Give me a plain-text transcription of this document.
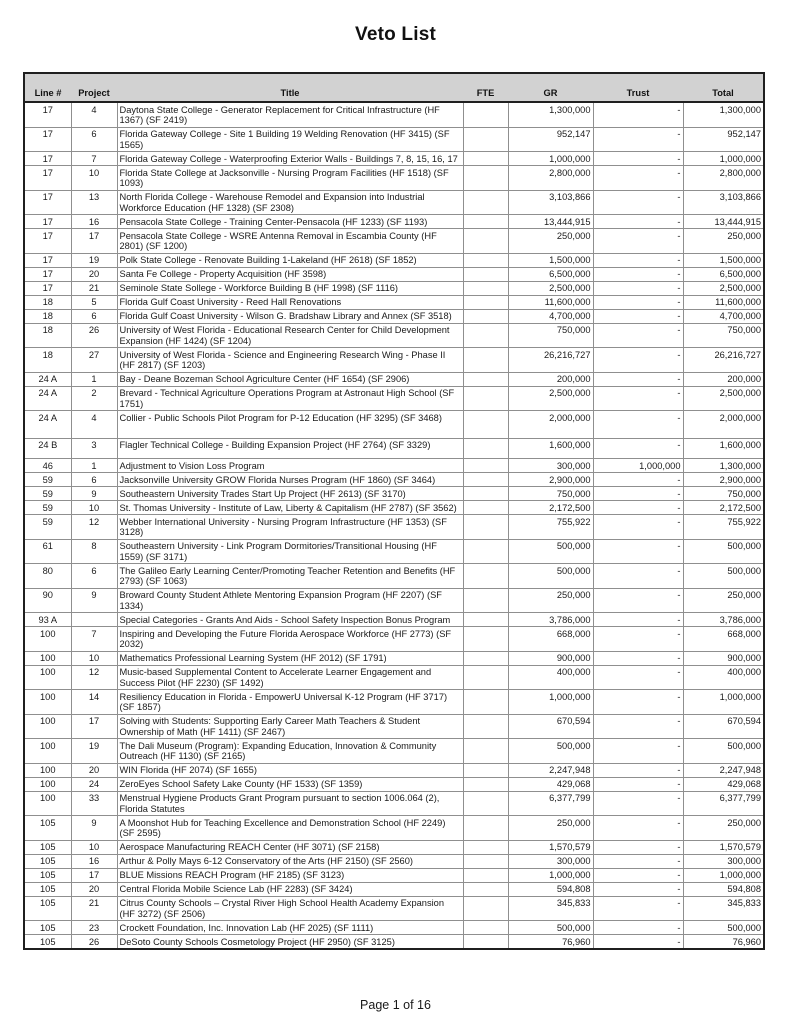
Veto List
Line #	Project	Title	FTE	GR	Trust	Total
17	4	Daytona State College - Generator Replacement for Critical Infrastructure (HF 1367) (SF 2419)		1,300,000	-	1,300,000
17	6	Florida Gateway College - Site 1 Building 19 Welding Renovation (HF 3415) (SF 1565)		952,147	-	952,147
17	7	Florida Gateway College - Waterproofing Exterior Walls - Buildings 7, 8, 15, 16, 17		1,000,000	-	1,000,000
17	10	Florida State College at Jacksonville - Nursing Program Facilities (HF 1518) (SF 1093)		2,800,000	-	2,800,000
17	13	North Florida College - Warehouse Remodel and Expansion into Industrial Workforce Education (HF 1328) (SF 2308)		3,103,866	-	3,103,866
17	16	Pensacola State College - Training Center-Pensacola (HF 1233) (SF 1193)		13,444,915	-	13,444,915
17	17	Pensacola State College - WSRE Antenna Removal in Escambia County (HF 2801) (SF 1200)		250,000	-	250,000
17	19	Polk State College - Renovate Building 1-Lakeland (HF 2618) (SF 1852)		1,500,000	-	1,500,000
17	20	Santa Fe College - Property Acquisition (HF 3598)		6,500,000	-	6,500,000
17	21	Seminole State Sollege - Workforce Building B (HF 1998) (SF 1116)		2,500,000	-	2,500,000
18	5	Florida Gulf Coast University - Reed Hall Renovations		11,600,000	-	11,600,000
18	6	Florida Gulf Coast University - Wilson G. Bradshaw Library and Annex (SF 3518)		4,700,000	-	4,700,000
18	26	University of West Florida - Educational Research Center for Child Development Expansion (HF 1424) (SF 1204)		750,000	-	750,000
18	27	University of West Florida - Science and Engineering Research Wing - Phase II (HF 2817) (SF 1203)		26,216,727	-	26,216,727
24 A	1	Bay - Deane Bozeman School Agriculture Center (HF 1654) (SF 2906)		200,000	-	200,000
24 A	2	Brevard - Technical Agriculture Operations Program at Astronaut High School (SF 1751)		2,500,000	-	2,500,000
24 A	4	Collier - Public Schools Pilot Program for P-12 Education (HF 3295) (SF 3468)		2,000,000	-	2,000,000
24 B	3	Flagler Technical College - Building Expansion Project (HF 2764) (SF 3329)		1,600,000	-	1,600,000
46	1	Adjustment to Vision Loss Program		300,000	1,000,000	1,300,000
59	6	Jacksonville University GROW Florida Nurses Program (HF 1860) (SF 3464)		2,900,000	-	2,900,000
59	9	Southeastern University Trades Start Up Project (HF 2613) (SF 3170)		750,000	-	750,000
59	10	St. Thomas University - Institute of Law, Liberty & Capitalism (HF 2787) (SF 3562)		2,172,500	-	2,172,500
59	12	Webber International University - Nursing Program Infrastructure (HF 1353) (SF 3128)		755,922	-	755,922
61	8	Southeastern University - Link Program Dormitories/Transitional Housing (HF 1559) (SF 3171)		500,000	-	500,000
80	6	The Galileo Early Learning Center/Promoting Teacher Retention and Benefits (HF 2793) (SF 1063)		500,000	-	500,000
90	9	Broward County Student Athlete Mentoring Expansion Program (HF 2207) (SF 1334)		250,000	-	250,000
93 A		Special Categories - Grants And Aids - School Safety Inspection Bonus Program		3,786,000	-	3,786,000
100	7	Inspiring and Developing the Future Florida Aerospace Workforce (HF 2773) (SF 2032)		668,000	-	668,000
100	10	Mathematics Professional Learning System (HF 2012) (SF 1791)		900,000	-	900,000
100	12	Music-based Supplemental Content to Accelerate Learner Engagement and Success Pilot (HF 2230) (SF 1492)		400,000	-	400,000
100	14	Resiliency Education in Florida - EmpowerU Universal K-12 Program (HF 3717) (SF 1857)		1,000,000	-	1,000,000
100	17	Solving with Students: Supporting Early Career Math Teachers & Student Ownership of Math (HF 1411) (SF 2467)		670,594	-	670,594
100	19	The Dali Museum (Program): Expanding Education, Innovation & Community Outreach (HF 1130) (SF 2165)		500,000	-	500,000
100	20	WIN Florida (HF 2074) (SF 1655)		2,247,948	-	2,247,948
100	24	ZeroEyes School Safety Lake County (HF 1533) (SF 1359)		429,068	-	429,068
100	33	Menstrual Hygiene Products Grant Program pursuant to section 1006.064 (2), Florida Statutes		6,377,799	-	6,377,799
105	9	A Moonshot Hub for Teaching Excellence and Demonstration School (HF 2249) (SF 2595)		250,000	-	250,000
105	10	Aerospace Manufacturing REACH Center (HF 3071) (SF 2158)		1,570,579	-	1,570,579
105	16	Arthur & Polly Mays 6-12 Conservatory of the Arts (HF 2150) (SF 2560)		300,000	-	300,000
105	17	BLUE Missions REACH Program (HF 2185) (SF 3123)		1,000,000	-	1,000,000
105	20	Central Florida Mobile Science Lab (HF 2283) (SF 3424)		594,808	-	594,808
105	21	Citrus County Schools – Crystal River High School Health Academy Expansion (HF 3272) (SF 2506)		345,833	-	345,833
105	23	Crockett Foundation, Inc. Innovation Lab (HF 2025) (SF 1111)		500,000	-	500,000
105	26	DeSoto County Schools Cosmetology Project (HF 2950) (SF 3125)		76,960	-	76,960
Page 1 of 16
